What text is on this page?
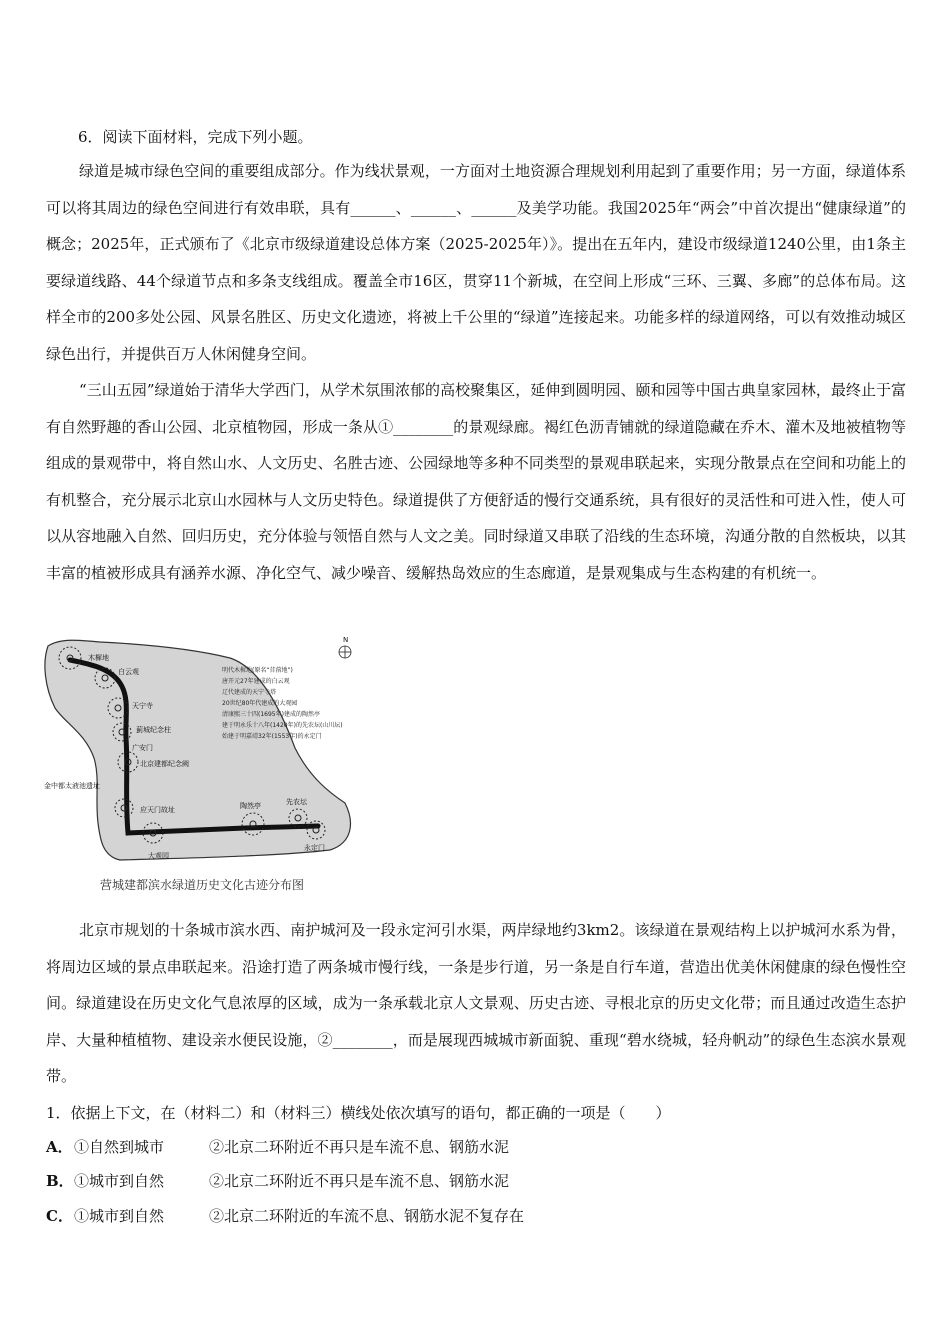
6．阅读下面材料，完成下列小题。

绿道是城市绿色空间的重要组成部分。作为线状景观，一方面对土地资源合理规划利用起到了重要作用；另一方面，绿道体系可以将其周边的绿色空间进行有效串联，具有______、______、______及美学功能。我国2025年“两会”中首次提出“健康绿道”的概念；2025年，正式颁布了《北京市级绿道建设总体方案（2025-2025年）》。提出在五年内，建设市级绿道1240公里，由1条主要绿道线路、44个绿道节点和多条支线组成。覆盖全市16区，贯穿11个新城，在空间上形成“三环、三翼、多廊”的总体布局。这样全市的200多处公园、风景名胜区、历史文化遗迹，将被上千公里的“绿道”连接起来。功能多样的绿道网络，可以有效推动城区绿色出行，并提供百万人休闲健身空间。

“三山五园”绿道始于清华大学西门，从学术氛围浓郁的高校聚集区，延伸到圆明园、颐和园等中国古典皇家园林，最终止于富有自然野趣的香山公园、北京植物园，形成一条从①________的景观绿廊。褐红色沥青铺就的绿道隐藏在乔木、灌木及地被植物等组成的景观带中，将自然山水、人文历史、名胜古迹、公园绿地等多种不同类型的景观串联起来，实现分散景点在空间和功能上的有机整合，充分展示北京山水园林与人文历史特色。绿道提供了方便舒适的慢行交通系统，具有很好的灵活性和可进入性，使人可以从容地融入自然、回归历史，充分体验与领悟自然与人文之美。同时绿道又串联了沿线的生态环境，沟通分散的自然板块，以其丰富的植被形成具有涵养水源、净化空气、减少噪音、缓解热岛效应的生态廊道，是景观集成与生态构建的有机统一。

N
木樨地
白云观
天宁寺
蓟城纪念柱
广安门
北京建都纪念阙
金中都太液池遗址
应天门故址	陶然亭	先农坛
大观园
永定门
明代木樨地(原名“苜蓿地”)
唐开元27年建成的白云观
辽代建成的天宁寺塔
20世纪80年代建成的大观园
清康熙三十四(1695年)建成的陶然亭
建于明永乐十八年(1420年)的先农坛(山川坛)
始建于明嘉靖32年(1553年)的永定门
营城建都滨水绿道历史文化古迹分布图

北京市规划的十条城市滨水西、南护城河及一段永定河引水渠，两岸绿地约3km2。该绿道在景观结构上以护城河水系为骨，将周边区域的景点串联起来。沿途打造了两条城市慢行线，一条是步行道，另一条是自行车道，营造出优美休闲健康的绿色慢性空间。绿道建设在历史文化气息浓厚的区域，成为一条承载北京人文景观、历史古迹、寻根北京的历史文化带；而且通过改造生态护岸、大量种植植物、建设亲水便民设施，②________，而是展现西城城市新面貌、重现“碧水绕城，轻舟帆动”的绿色生态滨水景观带。

1．依据上下文，在（材料二）和（材料三）横线处依次填写的语句，都正确的一项是（　　）
A．①自然到城市	②北京二环附近不再只是车流不息、钢筋水泥
B．①城市到自然	②北京二环附近不再只是车流不息、钢筋水泥
C．①城市到自然	②北京二环附近的车流不息、钢筋水泥不复存在
